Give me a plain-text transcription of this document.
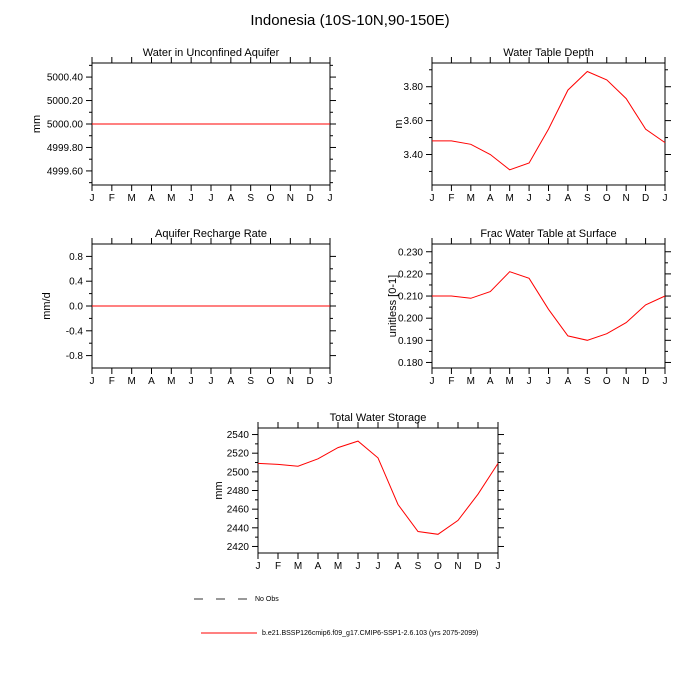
Indonesia (10S-10N,90-150E)
Water in Unconfined Aquifer
4999.60
4999.80
5000.00
5000.20
5000.40
J F M A M J J A S O N D J
mm
Water Table Depth
3.40
3.60
3.80
J F M A M J J A S O N D J
m
Aquifer Recharge Rate
-0.8
-0.4
0.0
0.4
0.8
J F M A M J J A S O N D J
mm/d
Frac Water Table at Surface
0.180
0.190
0.200
0.210
0.220
0.230
J F M A M J J A S O N D J
unitless [0-1]
Total Water Storage
2420
2440
2460
2480
2500
2520
2540
J F M A M J J A S O N D J
mm
No Obs
b.e21.BSSP126cmip6.f09_g17.CMIP6-SSP1-2.6.103 (yrs 2075-2099)
